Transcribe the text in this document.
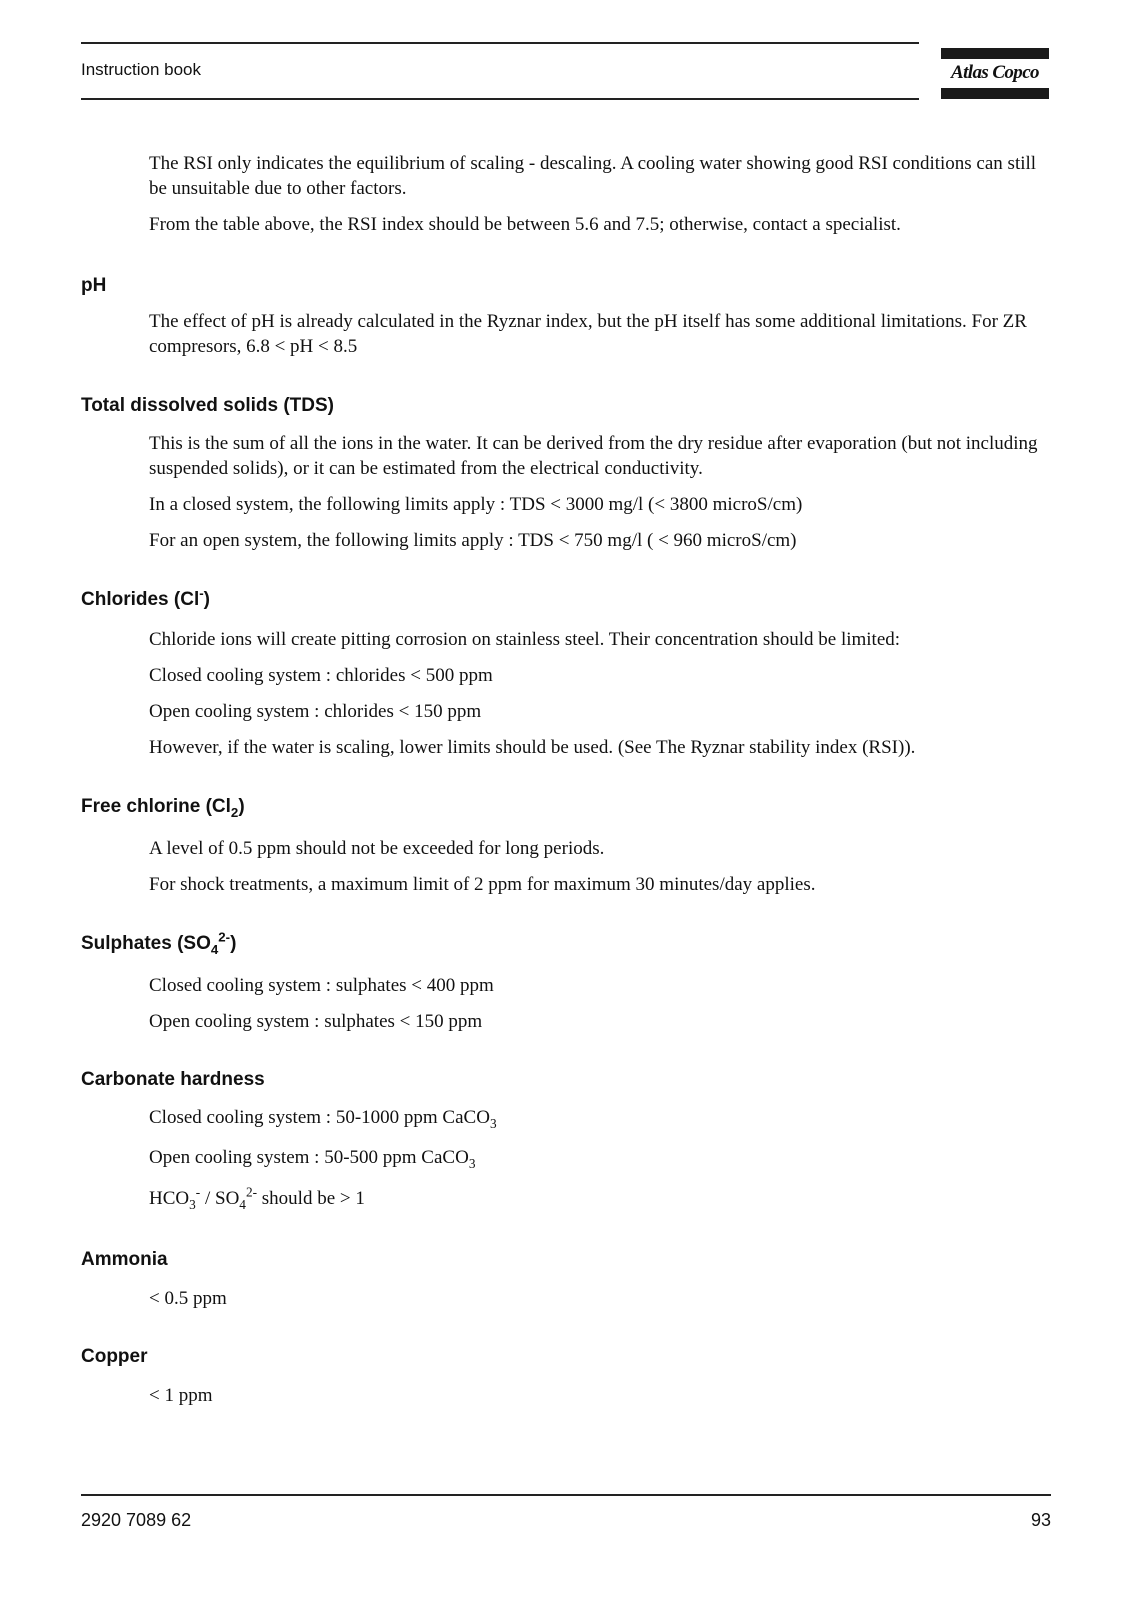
Instruction book	Atlas Copco
The RSI only indicates the equilibrium of scaling - descaling. A cooling water showing good RSI conditions can still be unsuitable due to other factors.
From the table above, the RSI index should be between 5.6 and 7.5; otherwise, contact a specialist.
pH
The effect of pH is already calculated in the Ryznar index, but the pH itself has some additional limitations. For ZR compresors, 6.8 < pH < 8.5
Total dissolved solids (TDS)
This is the sum of all the ions in the water. It can be derived from the dry residue after evaporation (but not including suspended solids), or it can be estimated from the electrical conductivity.
In a closed system, the following limits apply : TDS < 3000 mg/l (< 3800 microS/cm)
For an open system, the following limits apply : TDS < 750 mg/l ( < 960 microS/cm)
Chlorides (Cl-)
Chloride ions will create pitting corrosion on stainless steel. Their concentration should be limited:
Closed cooling system : chlorides < 500 ppm
Open cooling system : chlorides < 150 ppm
However, if the water is scaling, lower limits should be used. (See The Ryznar stability index (RSI)).
Free chlorine $(Cl_2)$
A level of 0.5 ppm should not be exceeded for long periods.
For shock treatments, a maximum limit of 2 ppm for maximum 30 minutes/day applies.
Sulphates $(SO_4^{2-})$
Closed cooling system : sulphates < 400 ppm
Open cooling system : sulphates < 150 ppm
Carbonate hardness
Closed cooling system : 50-1000 ppm CaCO$_3$
Open cooling system : 50-500 ppm CaCO$_3$
$HCO_3^- / SO_4^{2-}$ should be > 1
Ammonia
< 0.5 ppm
Copper
< 1 ppm
2920 7089 62	93
